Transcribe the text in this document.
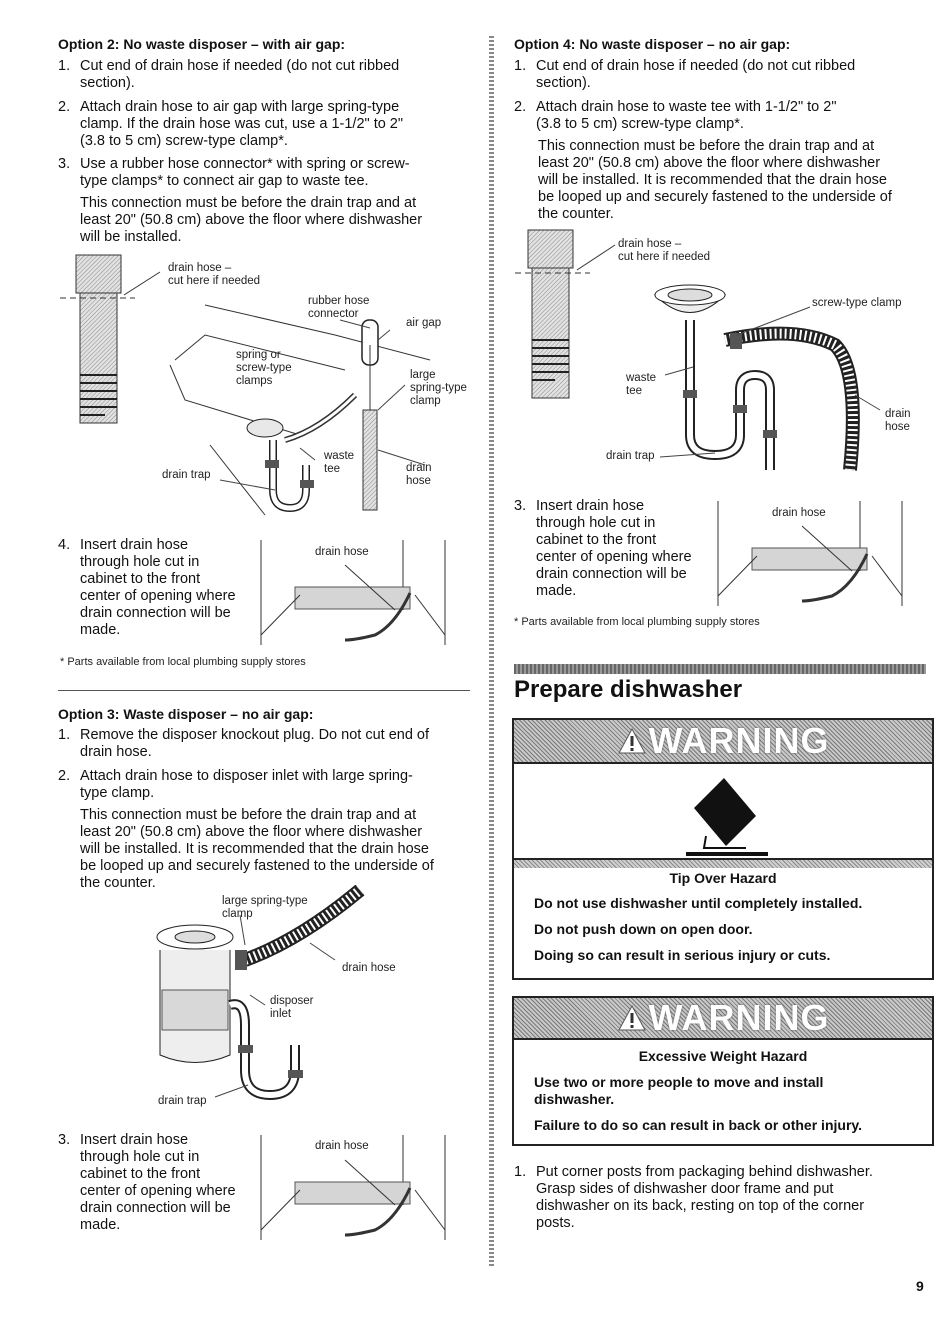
Option 2: No waste disposer – with air gap:
1. Cut end of drain hose if needed (do not cut ribbed
section).
2. Attach drain hose to air gap with large spring-type
clamp. If the drain hose was cut, use a 1-1/2" to 2"
(3.8 to 5 cm) screw-type clamp*.
3. Use a rubber hose connector* with spring or screw-
type clamps* to connect air gap to waste tee.
This connection must be before the drain trap and at
least 20" (50.8 cm) above the floor where dishwasher
will be installed.
drain hose –
cut here if needed
rubber hose
connector
air gap
spring or
screw-type
clamps	large
spring-type
clamp
waste
tee
drain trap
drain
hose
4. Insert drain hose
through hole cut in
cabinet to the front
center of opening where
drain connection will be
made.
drain hose
* Parts available from local plumbing supply stores
Option 3: Waste disposer – no air gap:
1. Remove the disposer knockout plug. Do not cut end of
drain hose.
2. Attach drain hose to disposer inlet with large spring-
type clamp.
This connection must be before the drain trap and at
least 20" (50.8 cm) above the floor where dishwasher
will be installed. It is recommended that the drain hose
be looped up and securely fastened to the underside of
the counter.
large spring-type
clamp
drain hose
disposer
inlet
drain trap
3. Insert drain hose
through hole cut in
cabinet to the front
center of opening where
drain connection will be
made.
drain hose
Option 4: No waste disposer – no air gap:
1. Cut end of drain hose if needed (do not cut ribbed
section).
2. Attach drain hose to waste tee with 1-1/2" to 2"
(3.8 to 5 cm) screw-type clamp*.
This connection must be before the drain trap and at
least 20" (50.8 cm) above the floor where dishwasher
will be installed. It is recommended that the drain hose
be looped up and securely fastened to the underside of
the counter.
drain hose –
cut here if needed
screw-type clamp
waste
tee
drain
hose
drain trap
3. Insert drain hose
through hole cut in
cabinet to the front
center of opening where
drain connection will be
made.
drain hose
* Parts available from local plumbing supply stores
Prepare dishwasher
WARNING
Tip Over Hazard
Do not use dishwasher until completely installed.
Do not push down on open door.
Doing so can result in serious injury or cuts.
WARNING
Excessive Weight Hazard
Use two or more people to move and install
dishwasher.
Failure to do so can result in back or other injury.
1. Put corner posts from packaging behind dishwasher.
Grasp sides of dishwasher door frame and put
dishwasher on its back, resting on top of the corner
posts.
9
